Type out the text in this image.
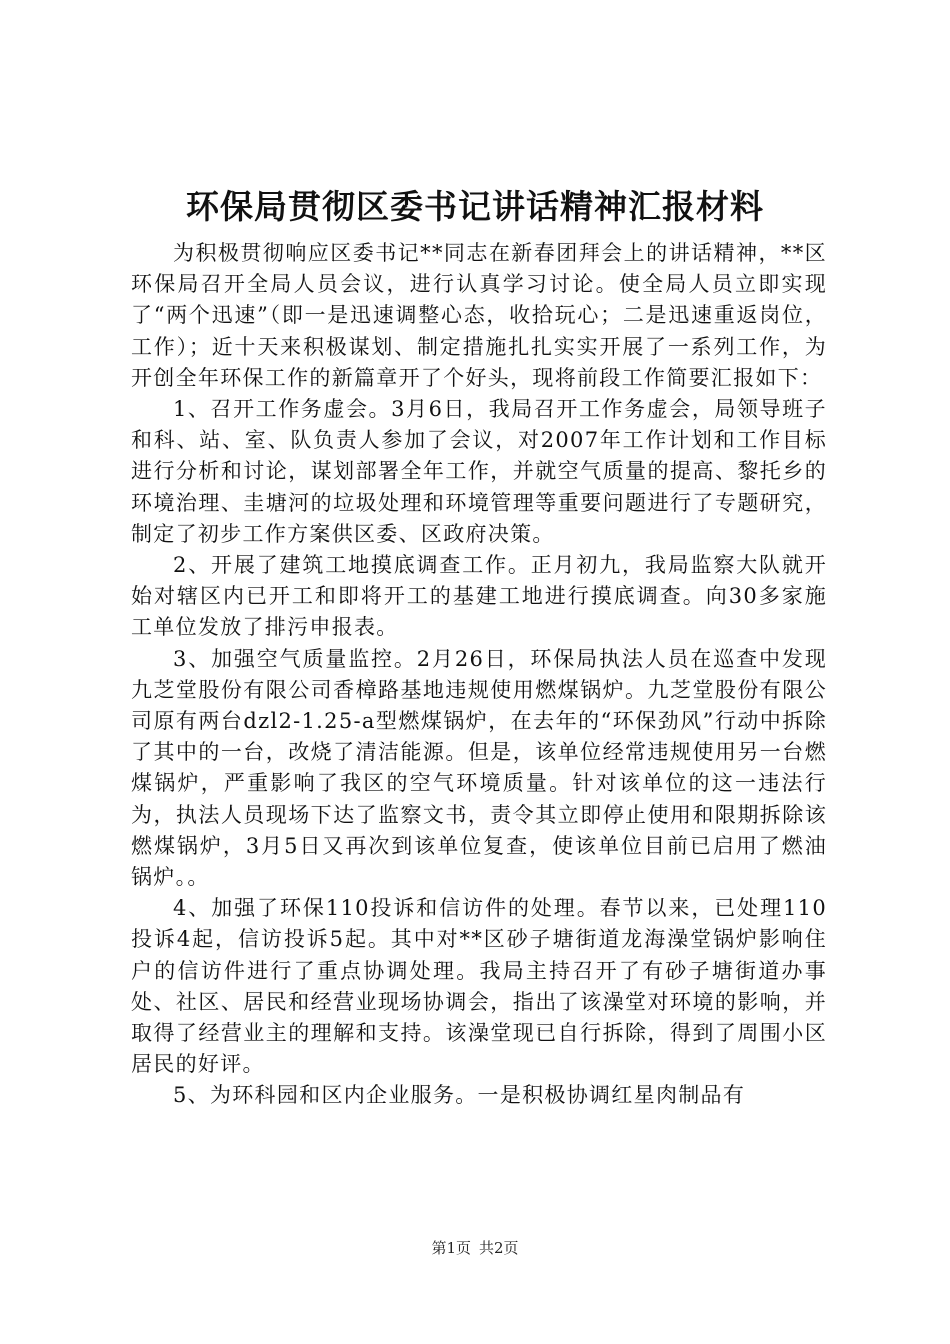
环保局贯彻区委书记讲话精神汇报材料

为积极贯彻响应区委书记**同志在新春团拜会上的讲话精神，**区环保局召开全局人员会议，进行认真学习讨论。使全局人员立即实现了“两个迅速”（即一是迅速调整心态，收拾玩心；二是迅速重返岗位，工作）；近十天来积极谋划、制定措施扎扎实实开展了一系列工作，为开创全年环保工作的新篇章开了个好头，现将前段工作简要汇报如下：

1、召开工作务虚会。3月6日，我局召开工作务虚会，局领导班子和科、站、室、队负责人参加了会议，对2007年工作计划和工作目标进行分析和讨论，谋划部署全年工作，并就空气质量的提高、黎托乡的环境治理、圭塘河的垃圾处理和环境管理等重要问题进行了专题研究，制定了初步工作方案供区委、区政府决策。

2、开展了建筑工地摸底调查工作。正月初九，我局监察大队就开始对辖区内已开工和即将开工的基建工地进行摸底调查。向30多家施工单位发放了排污申报表。

3、加强空气质量监控。2月26日，环保局执法人员在巡查中发现九芝堂股份有限公司香樟路基地违规使用燃煤锅炉。九芝堂股份有限公司原有两台dzl2-1.25-a型燃煤锅炉，在去年的“环保劲风”行动中拆除了其中的一台，改烧了清洁能源。但是，该单位经常违规使用另一台燃煤锅炉，严重影响了我区的空气环境质量。针对该单位的这一违法行为，执法人员现场下达了监察文书，责令其立即停止使用和限期拆除该燃煤锅炉，3月5日又再次到该单位复查，使该单位目前已启用了燃油锅炉。。

4、加强了环保110投诉和信访件的处理。春节以来，已处理110投诉4起，信访投诉5起。其中对**区砂子塘街道龙海澡堂锅炉影响住户的信访件进行了重点协调处理。我局主持召开了有砂子塘街道办事处、社区、居民和经营业现场协调会，指出了该澡堂对环境的影响，并取得了经营业主的理解和支持。该澡堂现已自行拆除，得到了周围小区居民的好评。

5、为环科园和区内企业服务。一是积极协调红星肉制品有

第1页 共2页
